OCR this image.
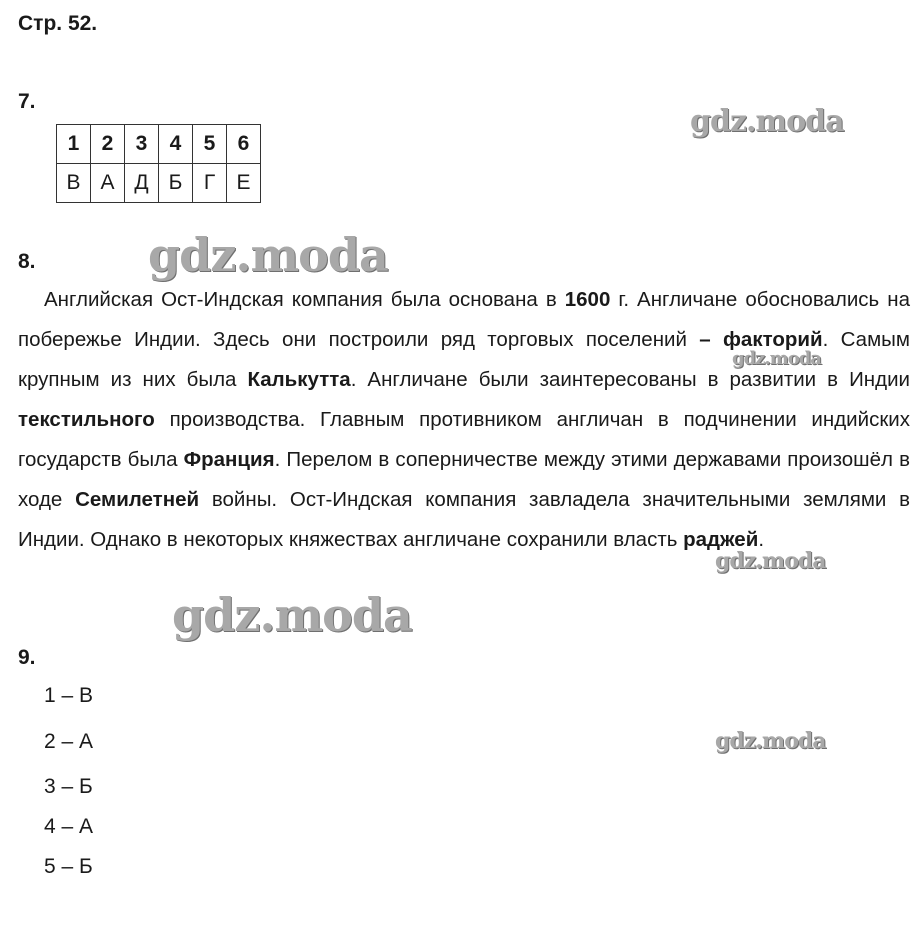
Стр. 52.
7.
1	2	3	4	5	6
В	А	Д	Б	Г	Е
8.

Английская Ост-Индская компания была основана в 1600 г. Англичане обосновались на побережье Индии. Здесь они построили ряд торговых поселений – факторий. Самым крупным из них была Калькутта. Англичане были заинтересованы в развитии в Индии текстильного производства. Главным противником англичан в подчинении индийских государств была Франция. Перелом в соперничестве между этими державами произошёл в ходе Семилетней войны. Ост-Индская компания завладела значительными землями в Индии. Однако в некоторых княжествах англичане сохранили власть раджей.

9.
1 – В
2 – А
3 – Б
4 – А
5 – Б
gdz.moda
gdz.moda
gdz.moda
gdz.moda
gdz.moda
gdz.moda
